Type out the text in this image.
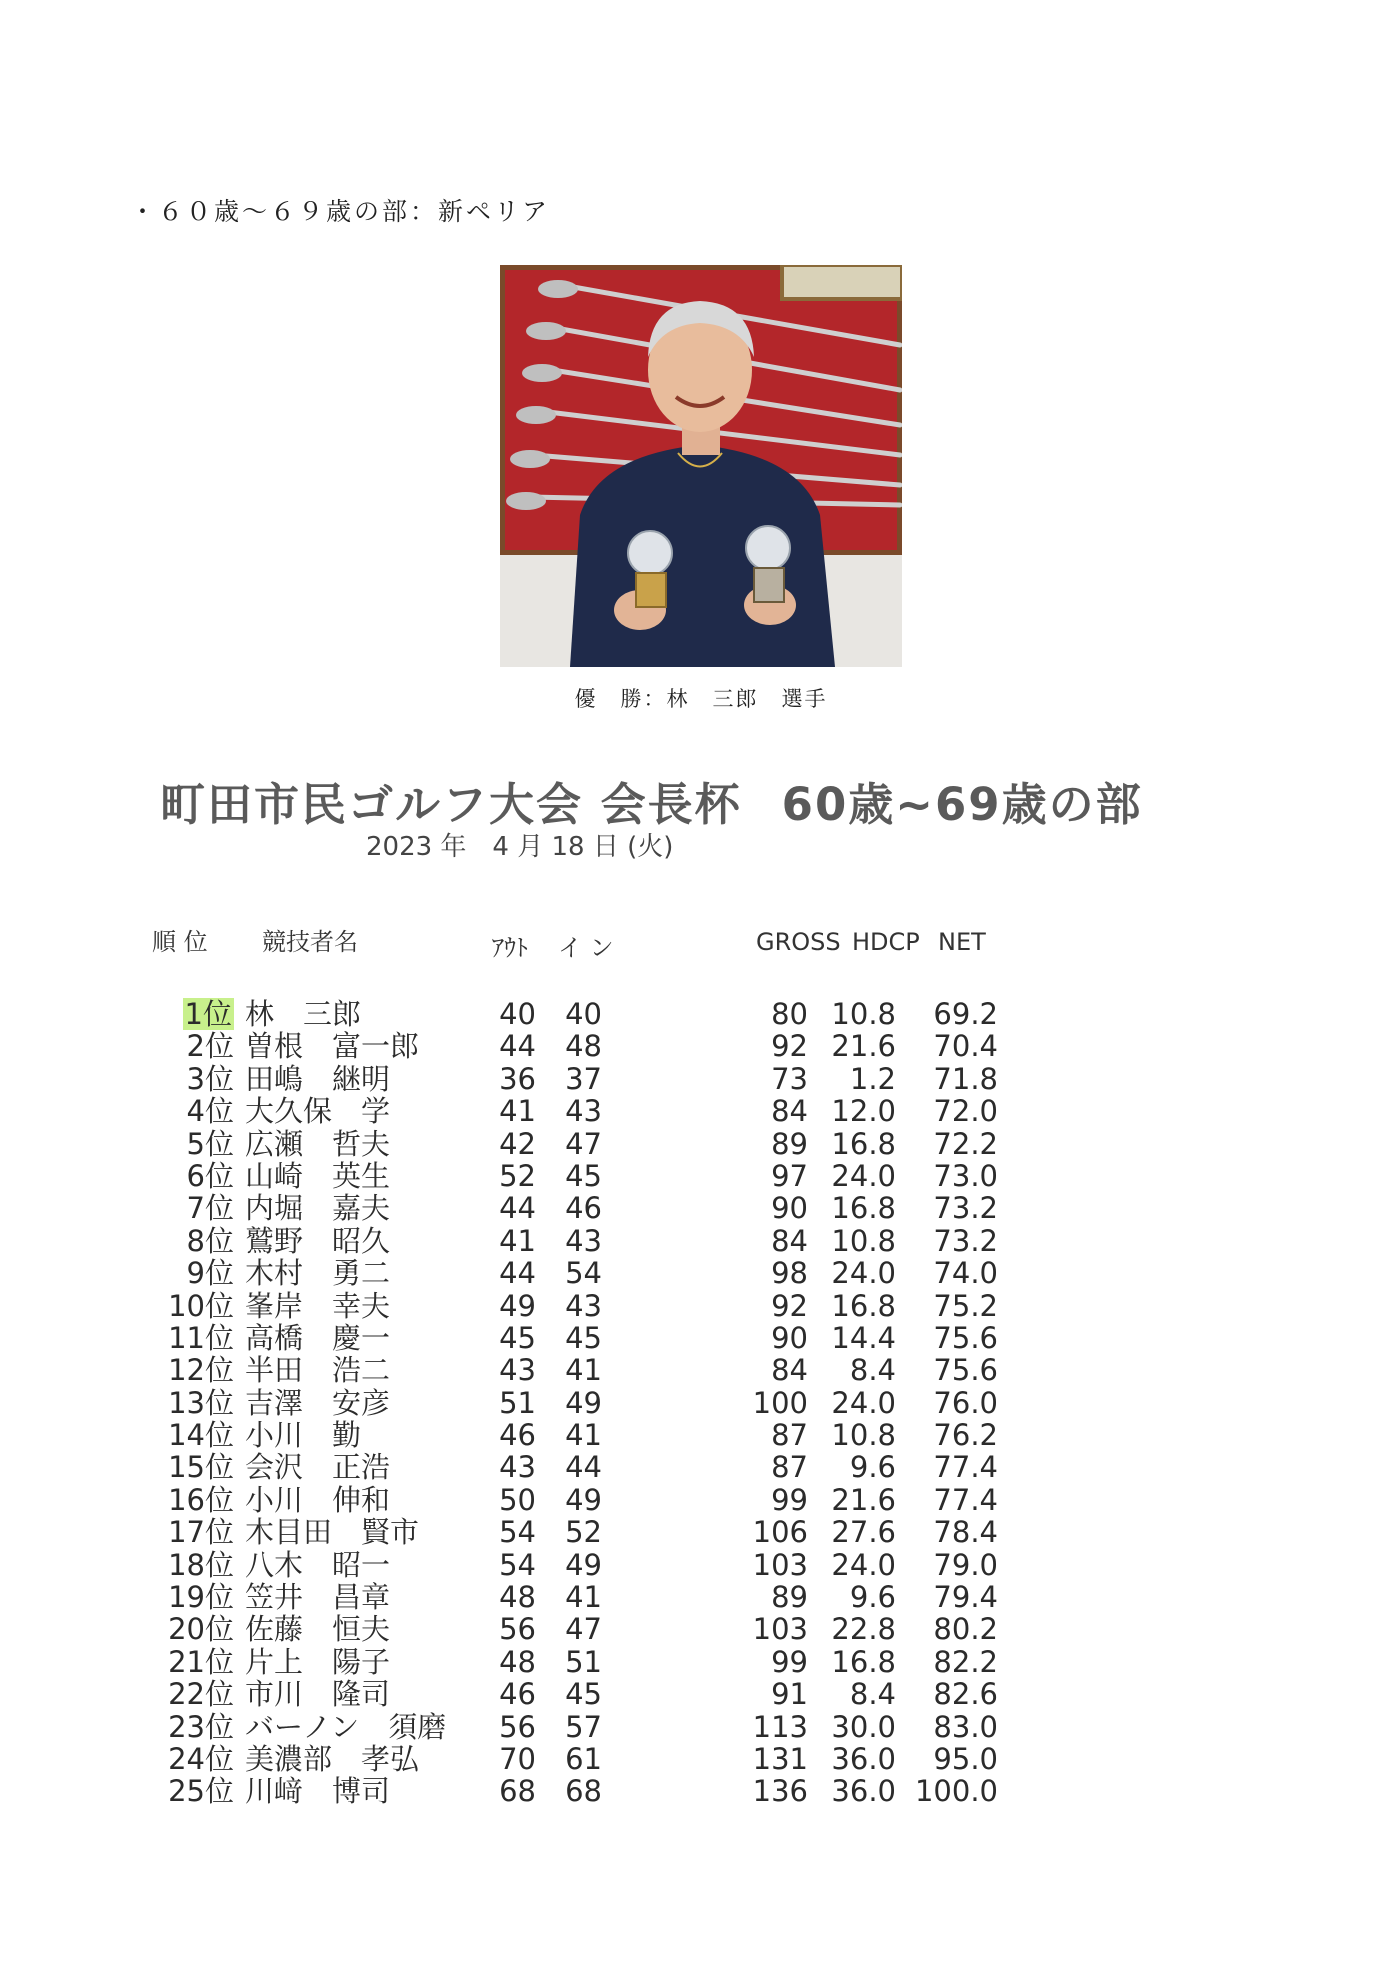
・６０歳～６９歳の部：新ペリア
優　勝：林　三郎　選手
町田市民ゴルフ大会 会長杯 60歳~69歳の部
2023 年　4 月 18 日 (火)
順 位 競技者名	ｱｳﾄ イ ン	GROSS HDCP NET
1位 林　三郎	40 40	80 10.8 69.2
2位 曽根　富一郎	44 48	92 21.6 70.4
3位 田嶋　継明	36 37	73 1.2 71.8
4位 大久保　学	41 43	84 12.0 72.0
5位 広瀬　哲夫	42 47	89 16.8 72.2
6位 山崎　英生	52 45	97 24.0 73.0
7位 内堀　嘉夫	44 46	90 16.8 73.2
8位 鷲野　昭久	41 43	84 10.8 73.2
9位 木村　勇二	44 54	98 24.0 74.0
10位 峯岸　幸夫	49 43	92 16.8 75.2
11位 高橋　慶一	45 45	90 14.4 75.6
12位 半田　浩二	43 41	84 8.4 75.6
13位 吉澤　安彦	51 49	100 24.0 76.0
14位 小川　勤	46 41	87 10.8 76.2
15位 会沢　正浩	43 44	87 9.6 77.4
16位 小川　伸和	50 49	99 21.6 77.4
17位 木目田　賢市	54 52	106 27.6 78.4
18位 八木　昭一	54 49	103 24.0 79.0
19位 笠井　昌章	48 41	89 9.6 79.4
20位 佐藤　恒夫	56 47	103 22.8 80.2
21位 片上　陽子	48 51	99 16.8 82.2
22位 市川　隆司	46 45	91 8.4 82.6
23位 バーノン　須磨 56 57	113 30.0 83.0
24位 美濃部　孝弘	70 61	131 36.0 95.0
25位 川﨑　博司	68 68	136 36.0 100.0
